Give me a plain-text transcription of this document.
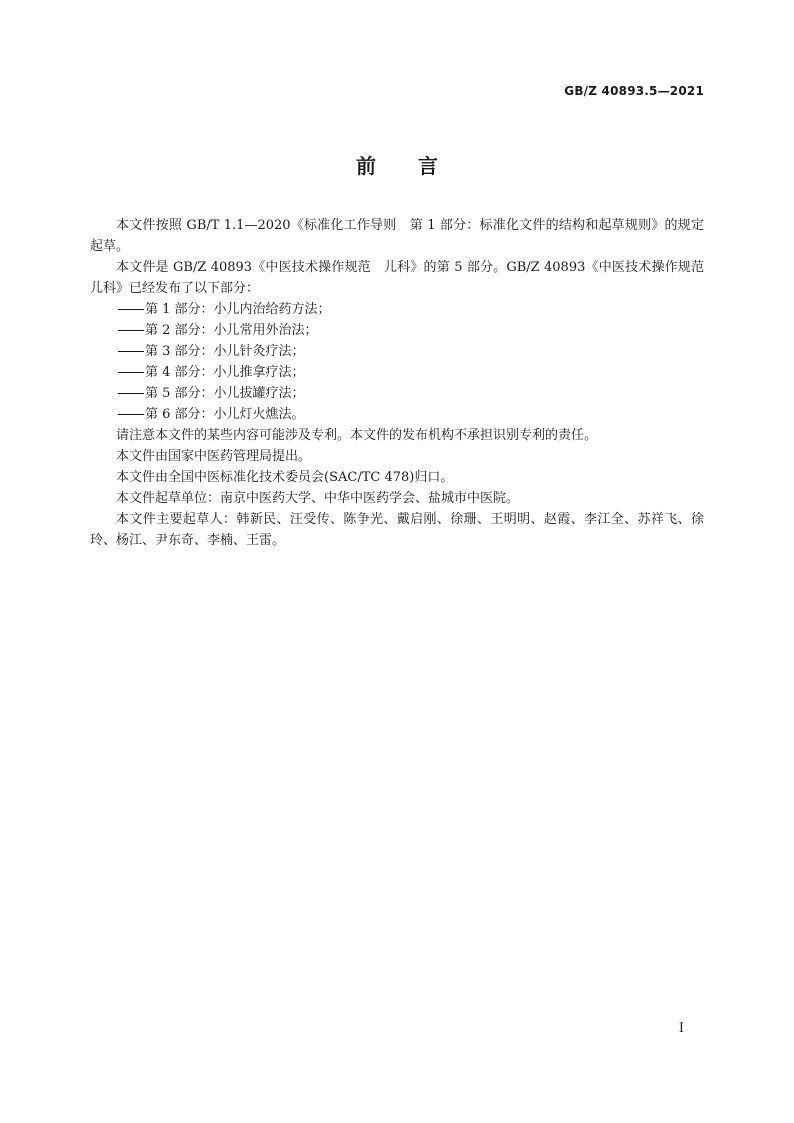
GB/Z 40893.5—2021
前言

本文件按照 GB/T 1.1—2020《标准化工作导则　第 1 部分：标准化文件的结构和起草规则》的规定起草。

本文件是 GB/Z 40893《中医技术操作规范　儿科》的第 5 部分。GB/Z 40893《中医技术操作规范　儿科》已经发布了以下部分：

第 1 部分：小儿内治给药方法；

第 2 部分：小儿常用外治法；

第 3 部分：小儿针灸疗法；

第 4 部分：小儿推拿疗法；

第 5 部分：小儿拔罐疗法；

第 6 部分：小儿灯火燋法。

请注意本文件的某些内容可能涉及专利。本文件的发布机构不承担识别专利的责任。

本文件由国家中医药管理局提出。

本文件由全国中医标准化技术委员会(SAC/TC 478)归口。

本文件起草单位：南京中医药大学、中华中医药学会、盐城市中医院。

本文件主要起草人：韩新民、汪受传、陈争光、戴启刚、徐珊、王明明、赵霞、李江全、苏祥飞、徐玲、杨江、尹东奇、李楠、王雷。

I
